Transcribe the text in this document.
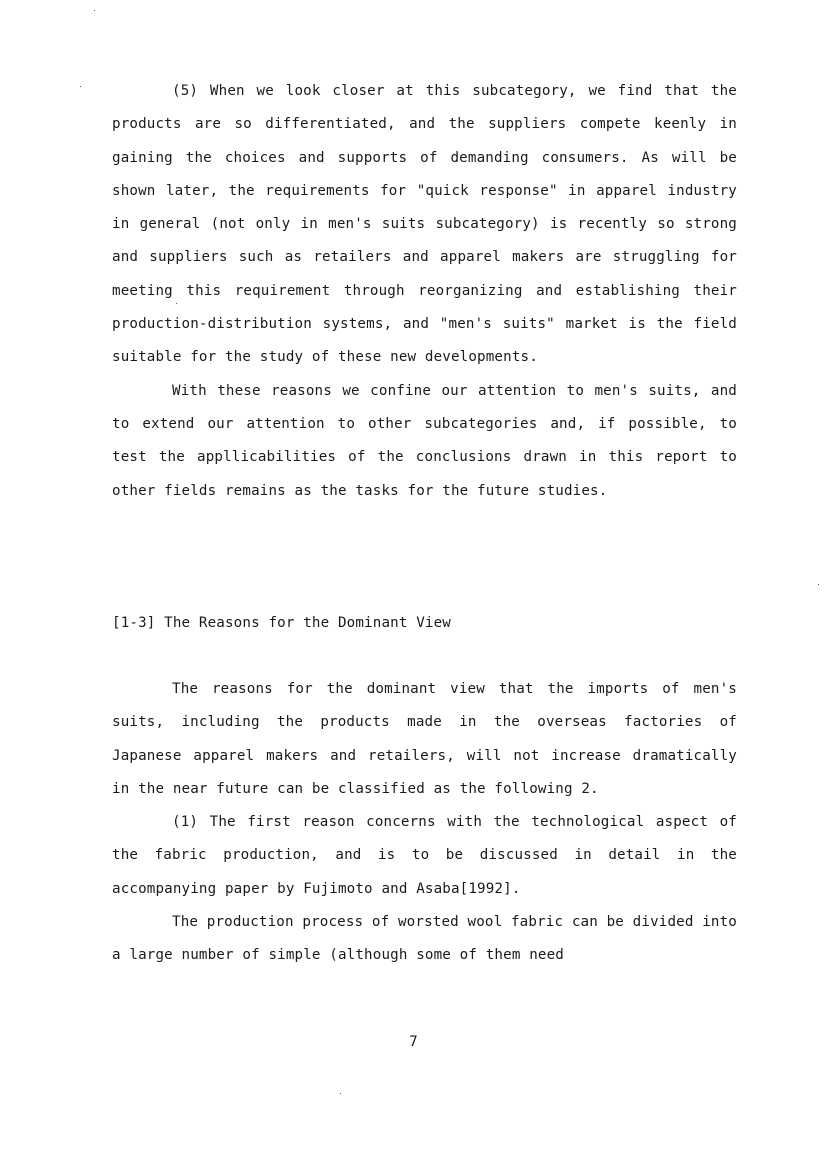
(5) When we look closer at this subcategory, we find that the products are so differentiated, and the suppliers compete keenly in gaining the choices and supports of demanding consumers. As will be shown later, the requirements for "quick response" in apparel industry in general (not only in men's suits subcategory) is recently so strong and suppliers such as retailers and apparel makers are struggling for meeting this requirement through reorganizing and establishing their production-distribution systems, and "men's suits" market is the field suitable for the study of these new developments.

With these reasons we confine our attention to men's suits, and to extend our attention to other subcategories and, if possible, to test the appllicabilities of the conclusions drawn in this report to other fields remains as the tasks for the future studies.

[1-3] The Reasons for the Dominant View

The reasons for the dominant view that the imports of men's suits, including the products made in the overseas factories of Japanese apparel makers and retailers, will not increase dramatically in the near future can be classified as the following 2.

(1) The first reason concerns with the technological aspect of the fabric production, and is to be discussed in detail in the accompanying paper by Fujimoto and Asaba[1992].

The production process of worsted wool fabric can be divided into a large number of simple (although some of them need

7
